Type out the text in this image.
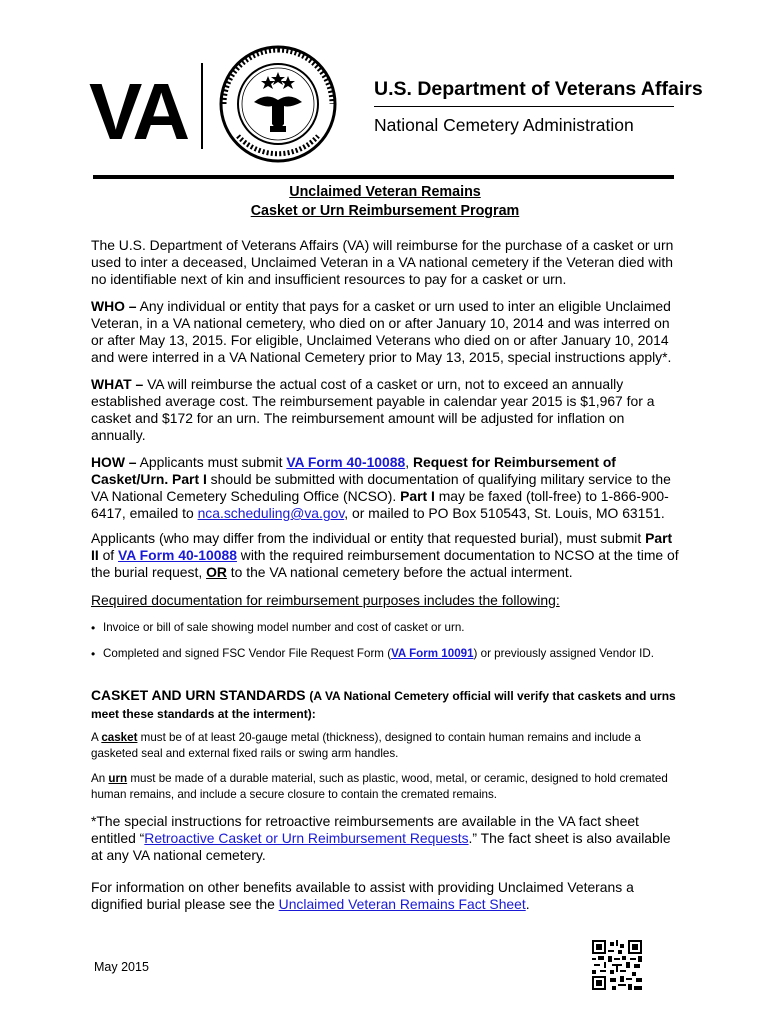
VA	U.S. Department of Veterans Affairs
National Cemetery Administration
Unclaimed Veteran Remains
Casket or Urn Reimbursement Program

The U.S. Department of Veterans Affairs (VA) will reimburse for the purchase of a casket or urn used to inter a deceased, Unclaimed Veteran in a VA national cemetery if the Veteran died with no identifiable next of kin and insufficient resources to pay for a casket or urn.

WHO – Any individual or entity that pays for a casket or urn used to inter an eligible Unclaimed Veteran, in a VA national cemetery, who died on or after January 10, 2014 and was interred on or after May 13, 2015. For eligible, Unclaimed Veterans who died on or after January 10, 2014 and were interred in a VA National Cemetery prior to May 13, 2015, special instructions apply*.

WHAT – VA will reimburse the actual cost of a casket or urn, not to exceed an annually established average cost. The reimbursement payable in calendar year 2015 is $1,967 for a casket and $172 for an urn. The reimbursement amount will be adjusted for inflation on annually.

HOW – Applicants must submit VA Form 40-10088, Request for Reimbursement of Casket/Urn. Part I should be submitted with documentation of qualifying military service to the VA National Cemetery Scheduling Office (NCSO). Part I may be faxed (toll-free) to 1-866-900-6417, emailed to nca.scheduling@va.gov, or mailed to PO Box 510543, St. Louis, MO 63151.

Applicants (who may differ from the individual or entity that requested burial), must submit Part II of VA Form 40-10088 with the required reimbursement documentation to NCSO at the time of the burial request, OR to the VA national cemetery before the actual interment.

Required documentation for reimbursement purposes includes the following:

• Invoice or bill of sale showing model number and cost of casket or urn.
• Completed and signed FSC Vendor File Request Form (VA Form 10091) or previously assigned Vendor ID.

CASKET AND URN STANDARDS (A VA National Cemetery official will verify that caskets and urns meet these standards at the interment):

A casket must be of at least 20-gauge metal (thickness), designed to contain human remains and include a gasketed seal and external fixed rails or swing arm handles.

An urn must be made of a durable material, such as plastic, wood, metal, or ceramic, designed to hold cremated human remains, and include a secure closure to contain the cremated remains.

*The special instructions for retroactive reimbursements are available in the VA fact sheet entitled “Retroactive Casket or Urn Reimbursement Requests.” The fact sheet is also available at any VA national cemetery.

For information on other benefits available to assist with providing Unclaimed Veterans a dignified burial please see the Unclaimed Veteran Remains Fact Sheet.

May 2015
